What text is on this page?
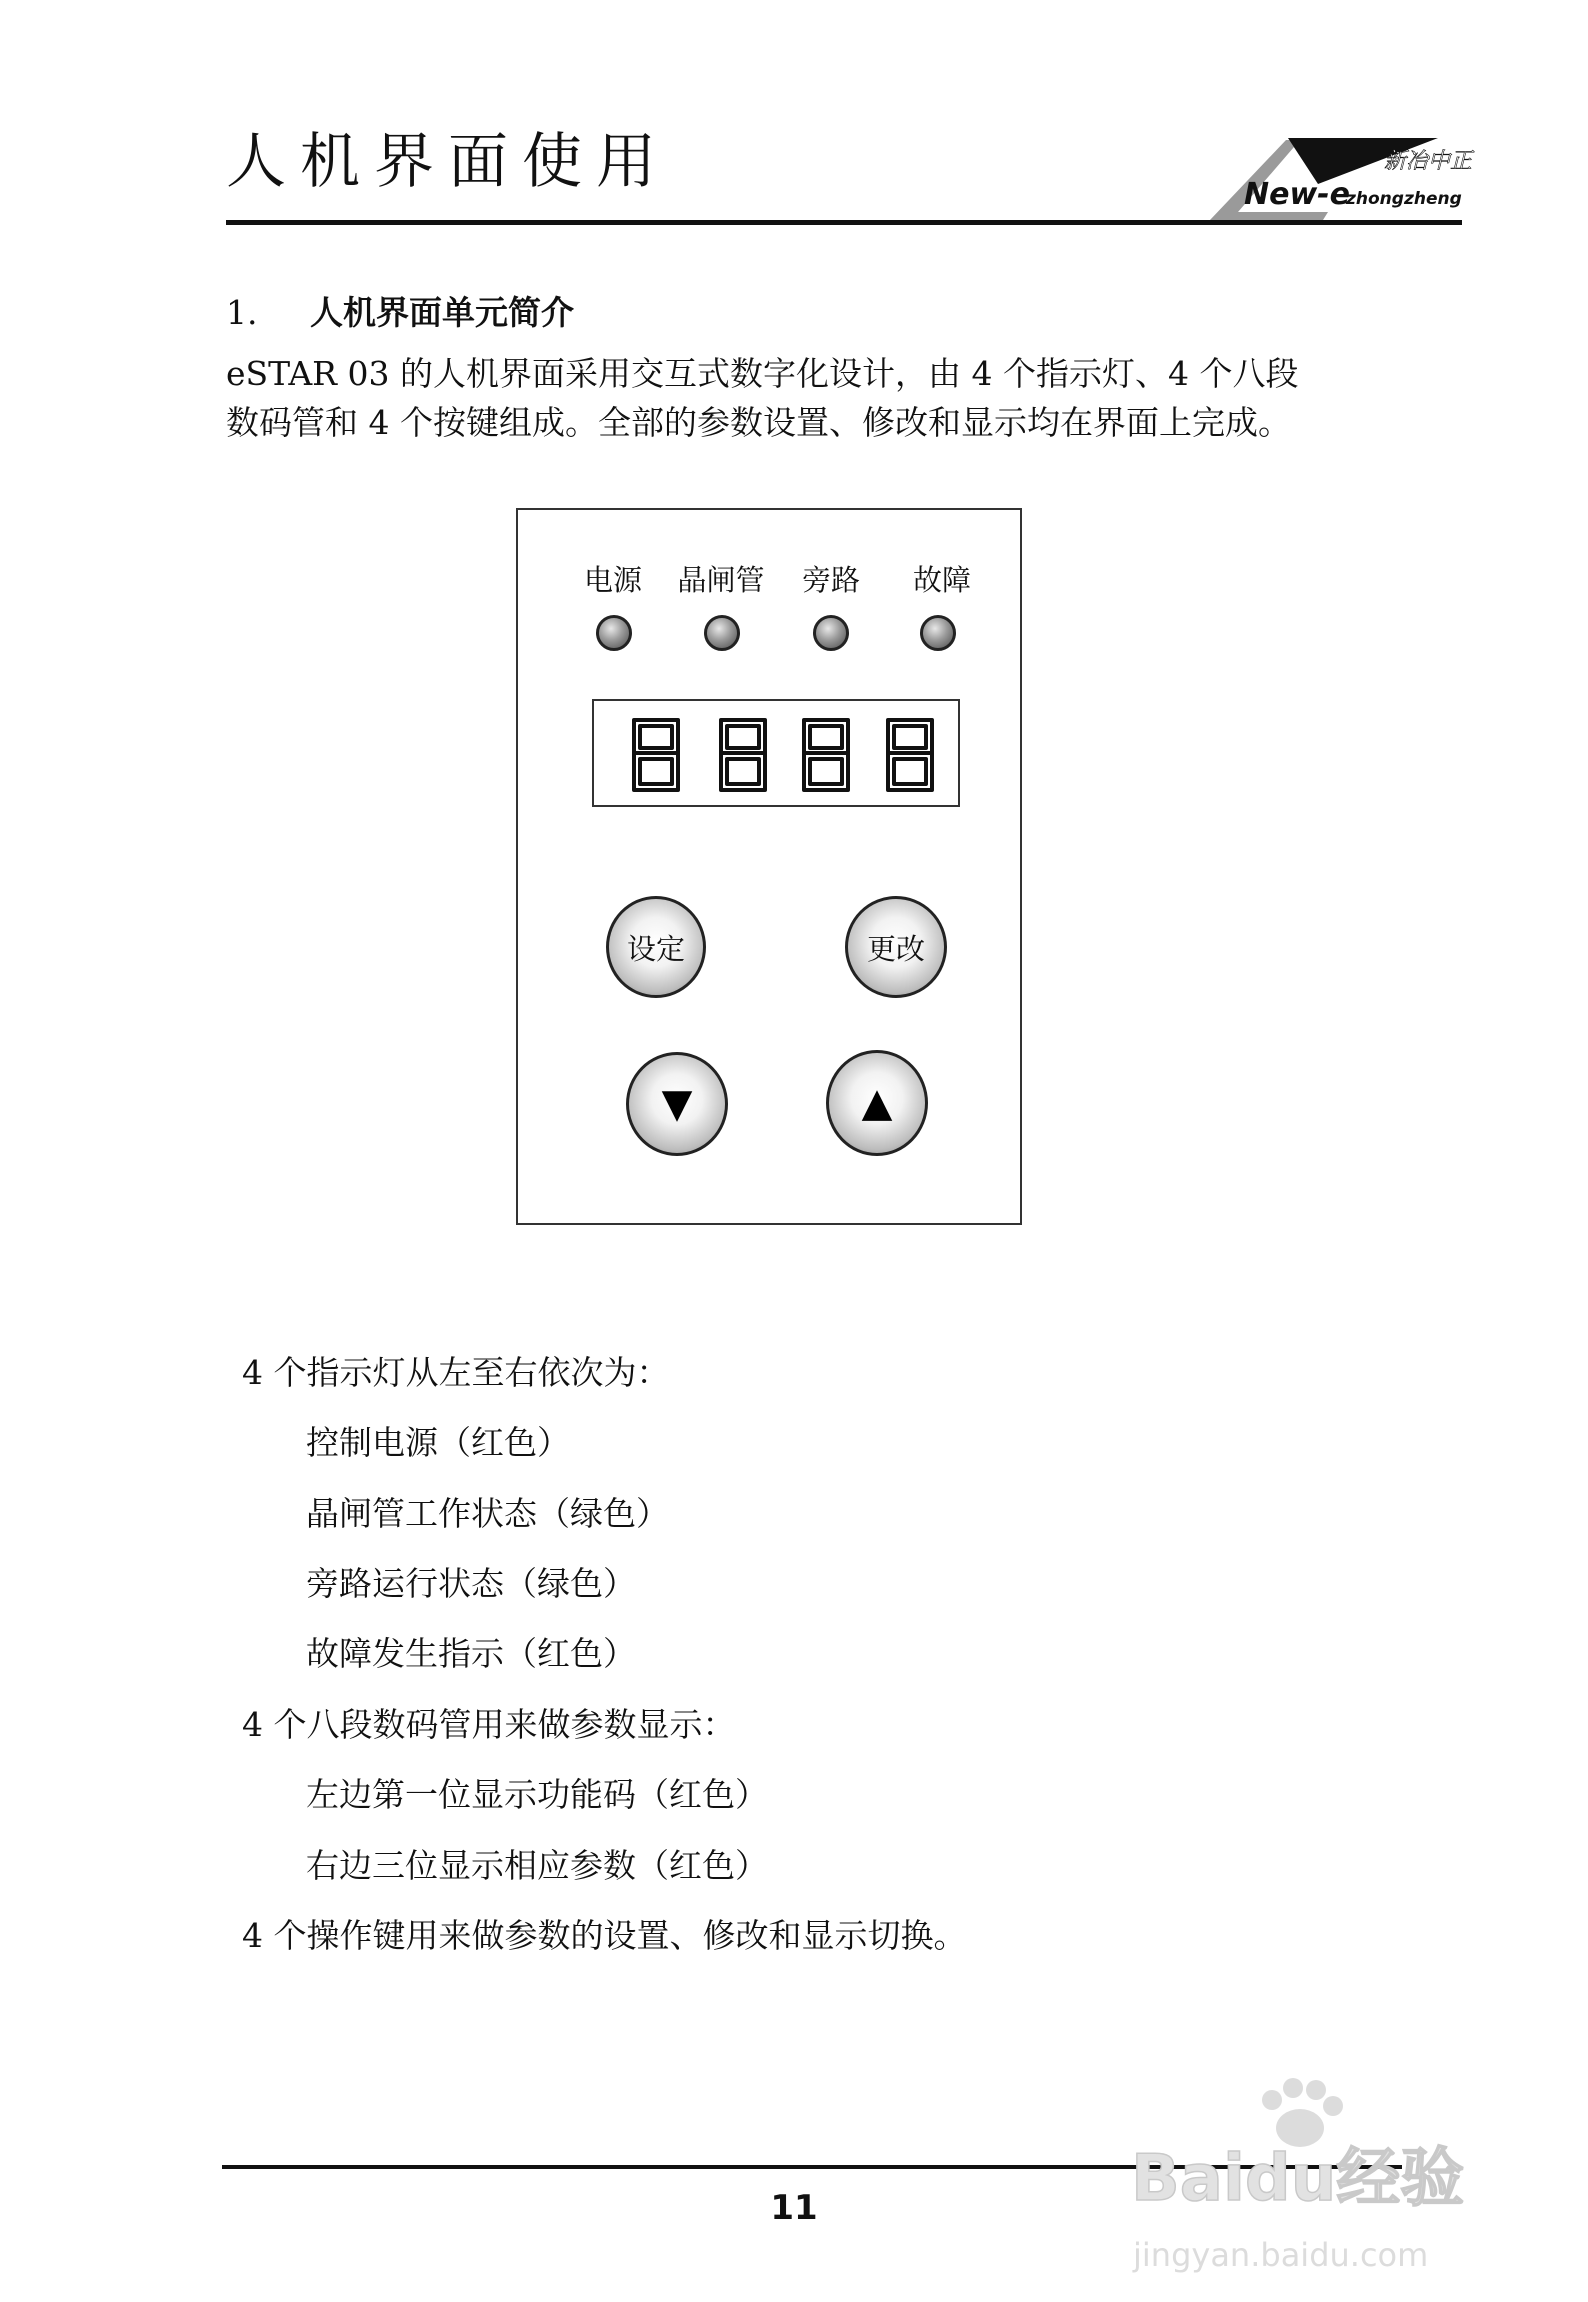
人机界面使用	新冶中正
New-e
zhongzheng
1. 人机界面单元简介
eSTAR 03 的人机界面采用交互式数字化设计，由 4 个指示灯、4 个八段
数码管和 4 个按键组成。全部的参数设置、修改和显示均在界面上完成。
电源 晶闸管 旁路 故障
设定	更改
▼	▲
4 个指示灯从左至右依次为：
控制电源（红色）
晶闸管工作状态（绿色）
旁路运行状态（绿色）
故障发生指示（红色）
4 个八段数码管用来做参数显示：
左边第一位显示功能码（红色）
右边三位显示相应参数（红色）
4 个操作键用来做参数的设置、修改和显示切换。
11	Baidu经验
jingyan.baidu.com
